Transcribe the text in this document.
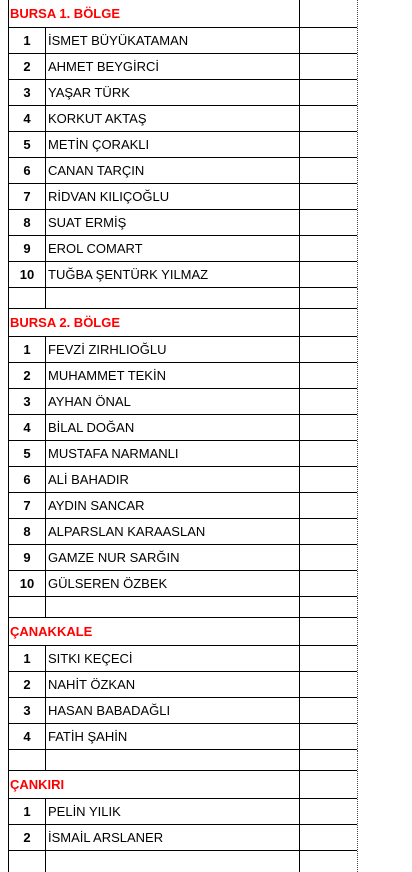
BURSA 1. BÖLGE
1	İSMET BÜYÜKATAMAN
2	AHMET BEYGİRCİ
3	YAŞAR TÜRK
4	KORKUT AKTAŞ
5	METİN ÇORAKLI
6	CANAN TARÇIN
7	RİDVAN KILIÇOĞLU
8	SUAT ERMİŞ
9	EROL COMART
10	TUĞBA ŞENTÜRK YILMAZ
BURSA 2. BÖLGE
1	FEVZİ ZIRHLIOĞLU
2	MUHAMMET TEKİN
3	AYHAN ÖNAL
4	BİLAL DOĞAN
5	MUSTAFA NARMANLI
6	ALİ BAHADIR
7	AYDIN SANCAR
8	ALPARSLAN KARAASLAN
9	GAMZE NUR SARĞIN
10	GÜLSEREN ÖZBEK
ÇANAKKALE
1	SITKI KEÇECİ
2	NAHİT ÖZKAN
3	HASAN BABADAĞLI
4	FATİH ŞAHİN
ÇANKIRI
1	PELİN YILIK
2	İSMAİL ARSLANER
